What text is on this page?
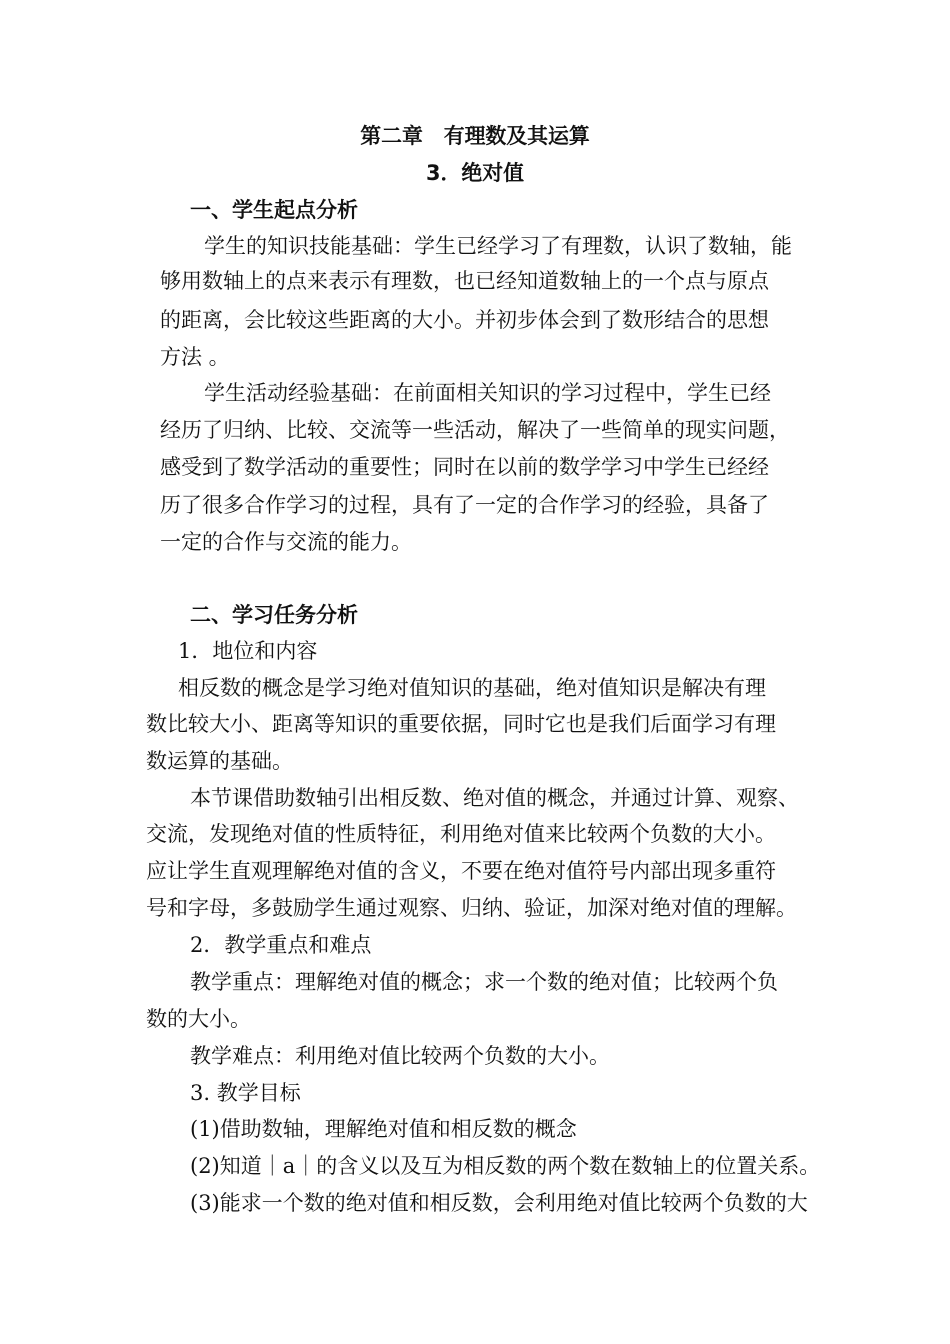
第二章　有理数及其运算
3．绝对值
一、学生起点分析
学生的知识技能基础：学生已经学习了有理数，认识了数轴，能
够用数轴上的点来表示有理数，也已经知道数轴上的一个点与原点
的距离，会比较这些距离的大小。并初步体会到了数形结合的思想
方法 。
学生活动经验基础：在前面相关知识的学习过程中，学生已经
经历了归纳、比较、交流等一些活动，解决了一些简单的现实问题，
感受到了数学活动的重要性；同时在以前的数学学习中学生已经经
历了很多合作学习的过程，具有了一定的合作学习的经验，具备了
一定的合作与交流的能力。
二、学习任务分析
1．地位和内容
相反数的概念是学习绝对值知识的基础，绝对值知识是解决有理
数比较大小、距离等知识的重要依据，同时它也是我们后面学习有理
数运算的基础。
本节课借助数轴引出相反数、绝对值的概念，并通过计算、观察、
交流，发现绝对值的性质特征，利用绝对值来比较两个负数的大小。
应让学生直观理解绝对值的含义，不要在绝对值符号内部出现多重符
号和字母，多鼓励学生通过观察、归纳、验证，加深对绝对值的理解。
2．教学重点和难点
教学重点：理解绝对值的概念；求一个数的绝对值；比较两个负
数的大小。
教学难点：利用绝对值比较两个负数的大小。
3. 教学目标
(1)借助数轴，理解绝对值和相反数的概念
(2)知道｜a｜的含义以及互为相反数的两个数在数轴上的位置关系。
(3)能求一个数的绝对值和相反数，会利用绝对值比较两个负数的大
